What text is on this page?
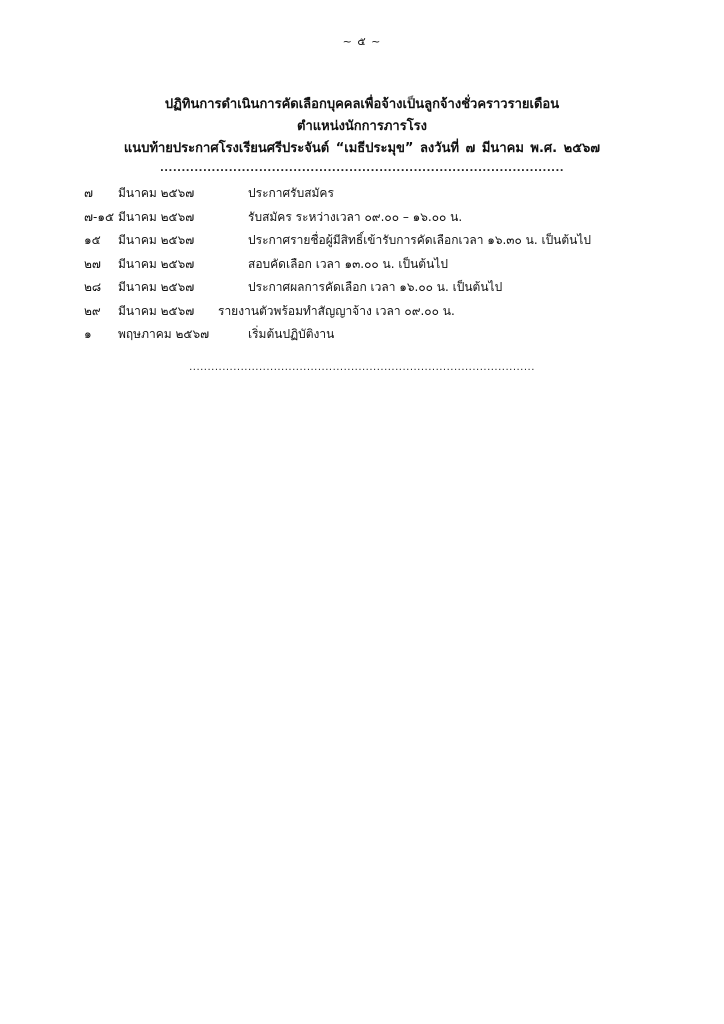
~ ๕ ~
ปฏิทินการดำเนินการคัดเลือกบุคคลเพื่อจ้างเป็นลูกจ้างชั่วคราวรายเดือน
ตำแหน่งนักการภารโรง
แนบท้ายประกาศโรงเรียนศรีประจันต์ “เมธีประมุข” ลงวันที่ ๗ มีนาคม พ.ศ. ๒๕๖๗
..............................................................................................
๗ มีนาคม ๒๕๖๗	ประกาศรับสมัคร
๗-๑๕ มีนาคม ๒๕๖๗	รับสมัคร ระหว่างเวลา ๐๙.๐๐ – ๑๖.๐๐ น.
๑๕ มีนาคม ๒๕๖๗	ประกาศรายชื่อผู้มีสิทธิ์เข้ารับการคัดเลือกเวลา ๑๖.๓๐ น. เป็นต้นไป
๒๗ มีนาคม ๒๕๖๗	สอบคัดเลือก เวลา ๑๓.๐๐ น. เป็นต้นไป
๒๘ มีนาคม ๒๕๖๗	ประกาศผลการคัดเลือก เวลา ๑๖.๐๐ น. เป็นต้นไป
๒๙ มีนาคม ๒๕๖๗ รายงานตัวพร้อมทำสัญญาจ้าง เวลา ๐๙.๐๐ น.
๑ พฤษภาคม ๒๕๖๗	เริ่มต้นปฏิบัติงาน
..............................................................................................
